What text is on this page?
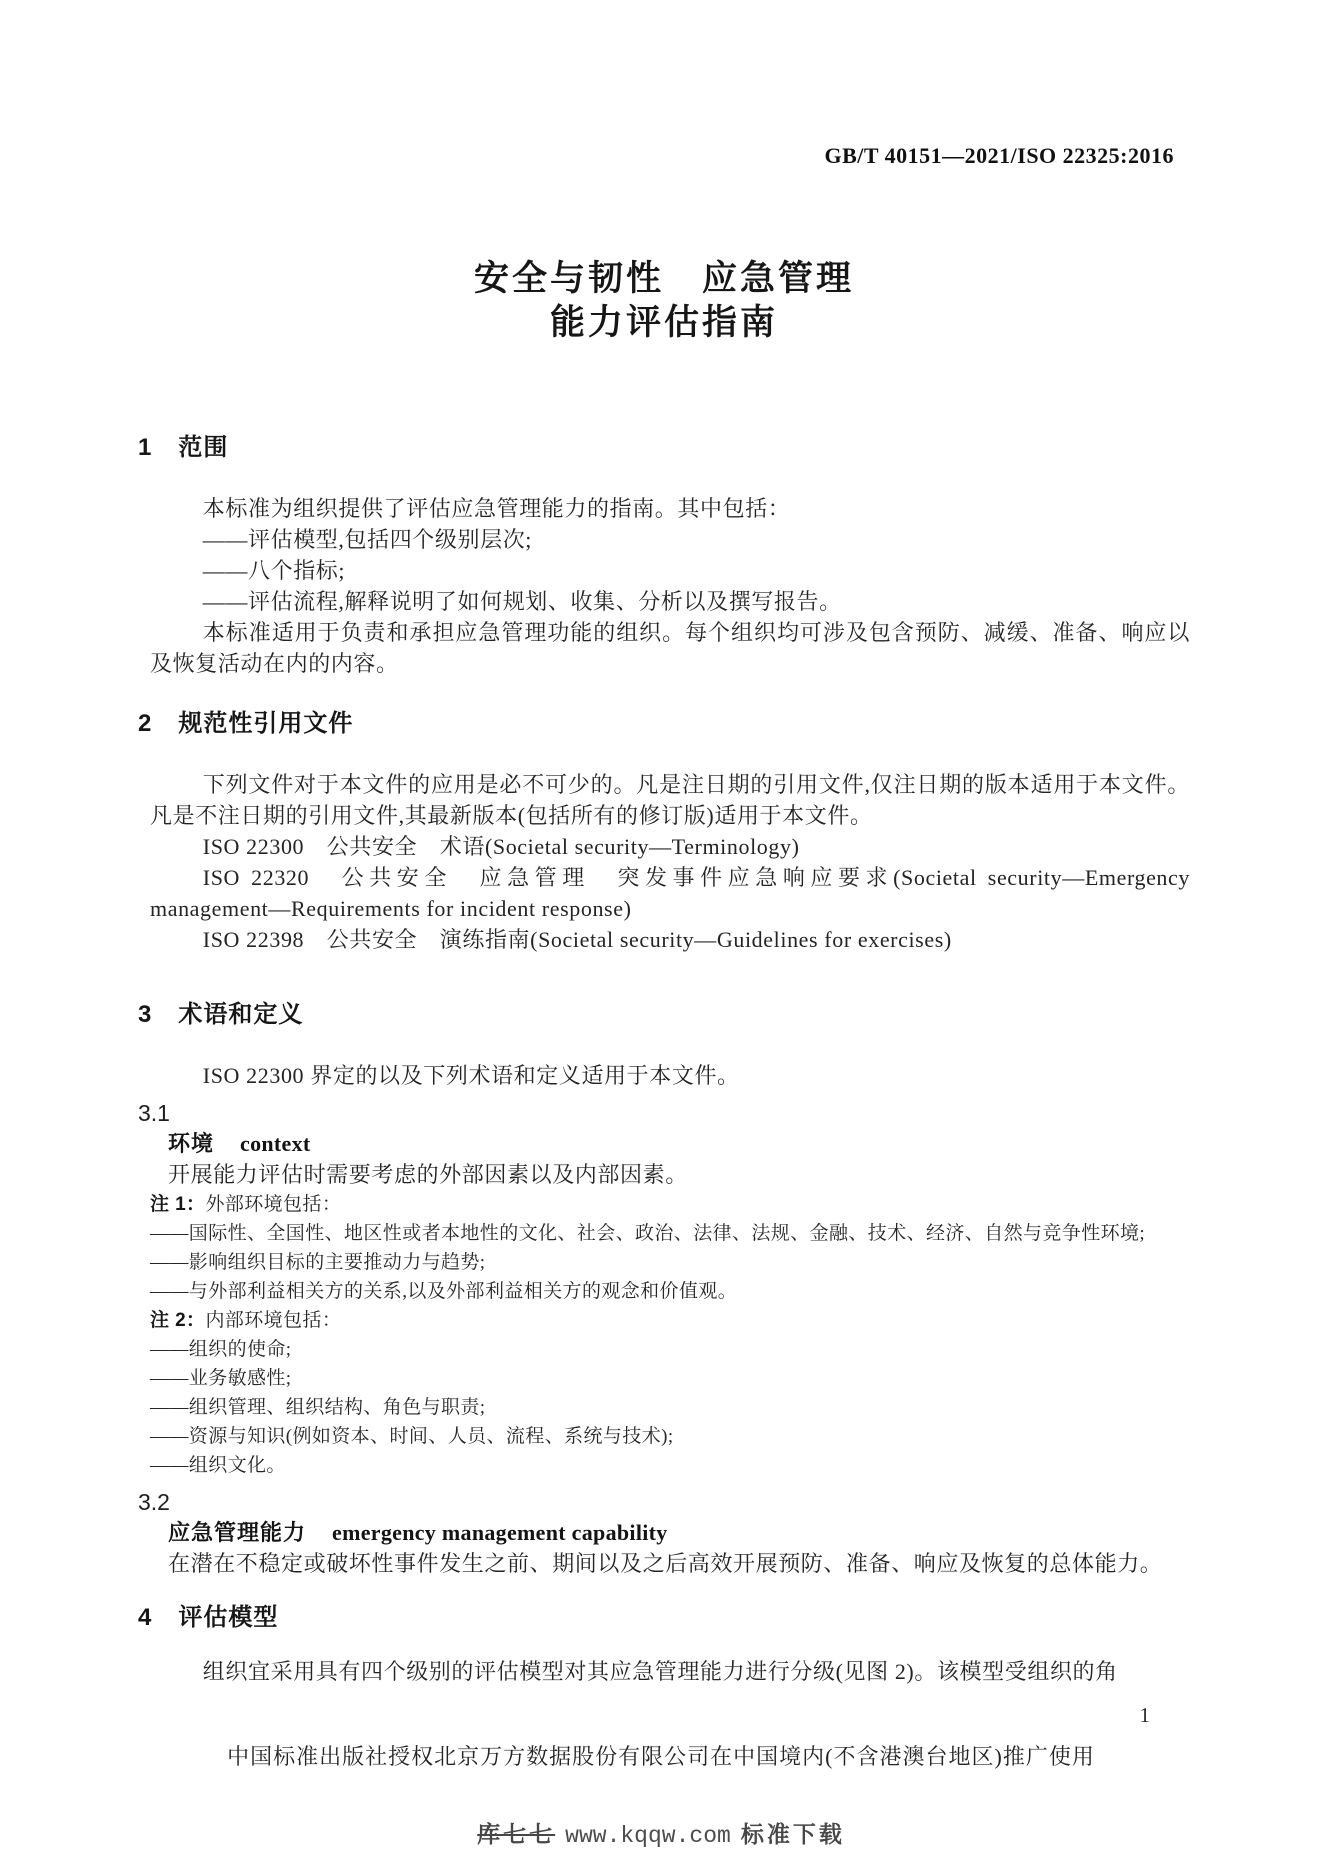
GB/T 40151—2021/ISO 22325:2016
安全与韧性　应急管理
能力评估指南
1 范围

本标准为组织提供了评估应急管理能力的指南。其中包括：

——评估模型,包括四个级别层次;

——八个指标;

——评估流程,解释说明了如何规划、收集、分析以及撰写报告。

本标准适用于负责和承担应急管理功能的组织。每个组织均可涉及包含预防、减缓、准备、响应以及恢复活动在内的内容。

2 规范性引用文件

下列文件对于本文件的应用是必不可少的。凡是注日期的引用文件,仅注日期的版本适用于本文件。凡是不注日期的引用文件,其最新版本(包括所有的修订版)适用于本文件。

ISO 22300　公共安全　术语(Societal security—Terminology)

ISO 22320　公共安全　应急管理　突发事件应急响应要求(Societal security—Emergency management—Requirements for incident response)

ISO 22398　公共安全　演练指南(Societal security—Guidelines for exercises)

3 术语和定义

ISO 22300 界定的以及下列术语和定义适用于本文件。

3.1
环境 context
开展能力评估时需要考虑的外部因素以及内部因素。
注 1：外部环境包括：
——国际性、全国性、地区性或者本地性的文化、社会、政治、法律、法规、金融、技术、经济、自然与竞争性环境;
——影响组织目标的主要推动力与趋势;
——与外部利益相关方的关系,以及外部利益相关方的观念和价值观。
注 2：内部环境包括：
——组织的使命;
——业务敏感性;
——组织管理、组织结构、角色与职责;
——资源与知识(例如资本、时间、人员、流程、系统与技术);
——组织文化。
3.2
应急管理能力 emergency management capability
在潜在不稳定或破坏性事件发生之前、期间以及之后高效开展预防、准备、响应及恢复的总体能力。
4 评估模型

组织宜采用具有四个级别的评估模型对其应急管理能力进行分级(见图 2)。该模型受组织的角

1
中国标准出版社授权北京万方数据股份有限公司在中国境内(不含港澳台地区)推广使用
库七七 www.kqqw.com 标准下载
